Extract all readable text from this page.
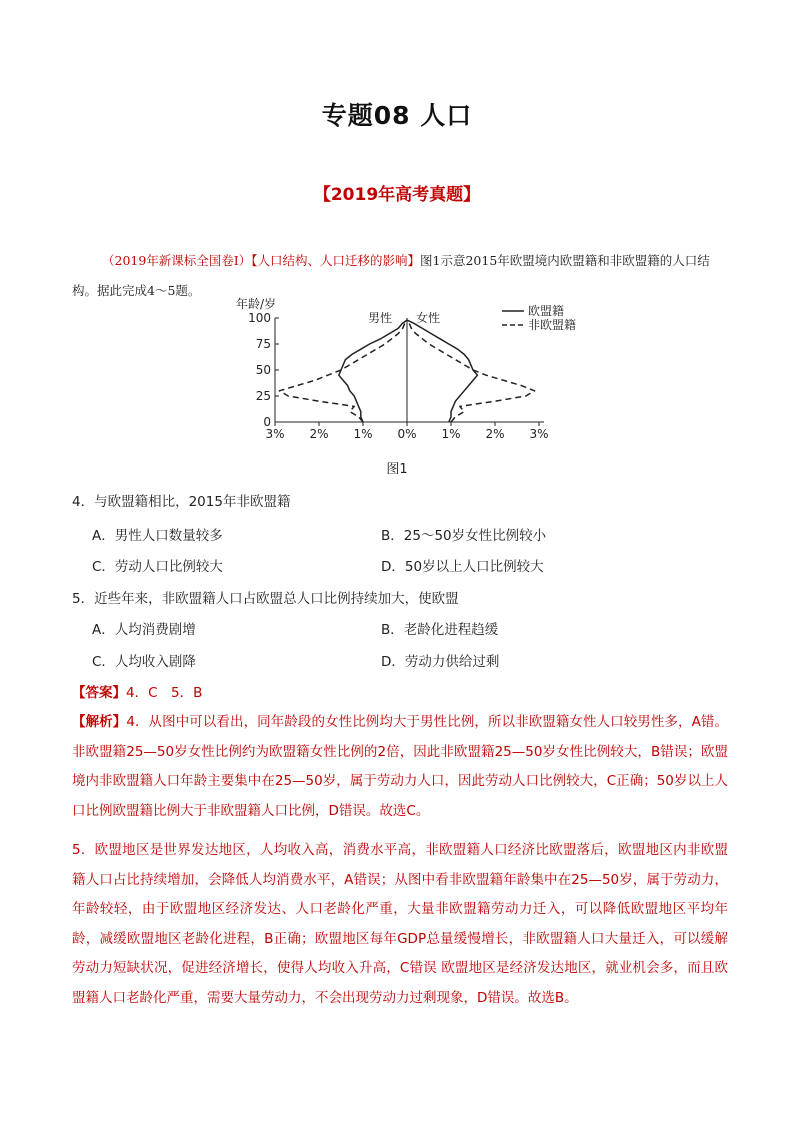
专题08 人口
【2019年高考真题】
（2019年新课标全国卷Ⅰ）【人口结构、人口迁移的影响】图1示意2015年欧盟境内欧盟籍和非欧盟籍的人口结构。据此完成4～5题。
年龄/岁
100
75
50
25
0
3% 2% 1% 0% 1% 2% 3%
男性 女性	欧盟籍
非欧盟籍
图1
4．与欧盟籍相比，2015年非欧盟籍
A．男性人口数量较多	B．25～50岁女性比例较小
C．劳动人口比例较大	D．50岁以上人口比例较大
5．近些年来，非欧盟籍人口占欧盟总人口比例持续加大，使欧盟
A．人均消费剧增	B．老龄化进程趋缓
C．人均收入剧降	D．劳动力供给过剩
【答案】4．C　5．B
【解析】4．从图中可以看出，同年龄段的女性比例均大于男性比例，所以非欧盟籍女性人口较男性多，A错。非欧盟籍25—50岁女性比例约为欧盟籍女性比例的2倍，因此非欧盟籍25—50岁女性比例较大，B错误；欧盟境内非欧盟籍人口年龄主要集中在25—50岁，属于劳动力人口，因此劳动人口比例较大，C正确；50岁以上人口比例欧盟籍比例大于非欧盟籍人口比例，D错误。故选C。
5．欧盟地区是世界发达地区，人均收入高，消费水平高，非欧盟籍人口经济比欧盟落后，欧盟地区内非欧盟籍人口占比持续增加，会降低人均消费水平，A错误；从图中看非欧盟籍年龄集中在25—50岁，属于劳动力，年龄较轻，由于欧盟地区经济发达、人口老龄化严重，大量非欧盟籍劳动力迁入，可以降低欧盟地区平均年龄，减缓欧盟地区老龄化进程，B正确；欧盟地区每年GDP总量缓慢增长，非欧盟籍人口大量迁入，可以缓解劳动力短缺状况，促进经济增长，使得人均收入升高，C错误 欧盟地区是经济发达地区，就业机会多，而且欧盟籍人口老龄化严重，需要大量劳动力，不会出现劳动力过剩现象，D错误。故选B。
